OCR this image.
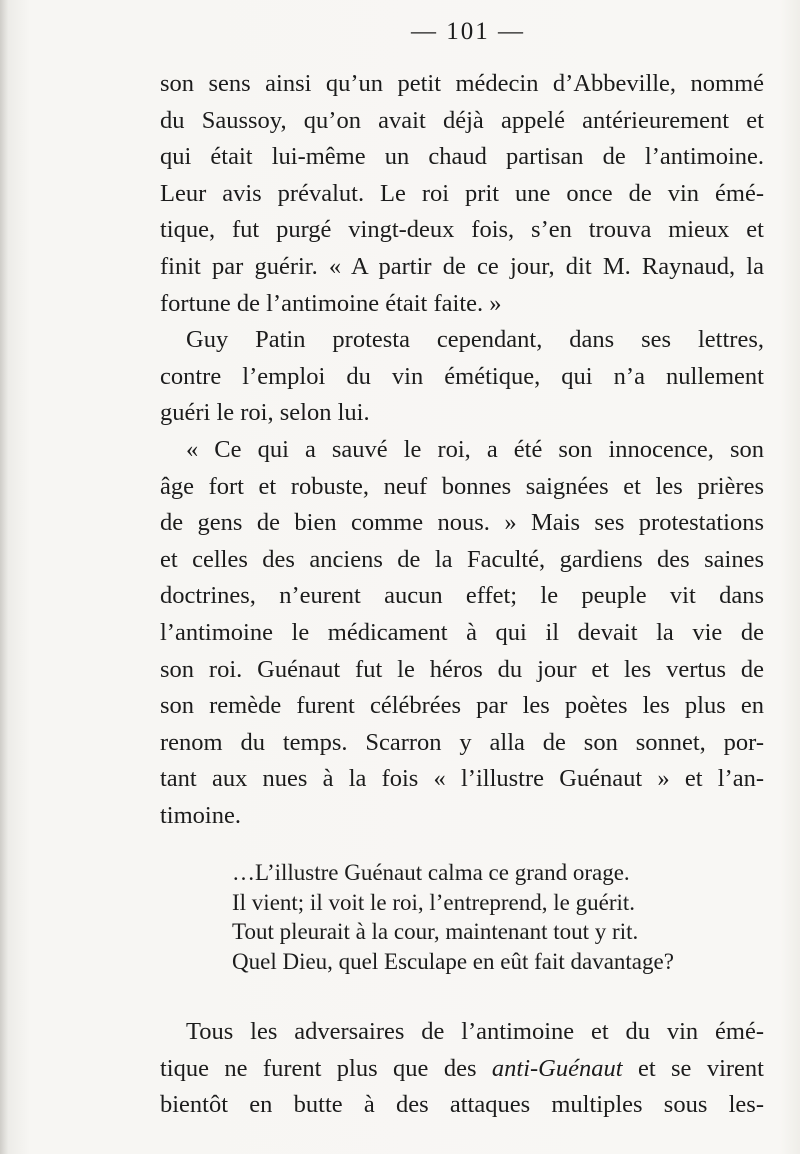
— 101 —
son sens ainsi qu’un petit médecin d’Abbeville, nommé
du Saussoy, qu’on avait déjà appelé antérieurement et
qui était lui-même un chaud partisan de l’antimoine.
Leur avis prévalut. Le roi prit une once de vin émé-
tique, fut purgé vingt-deux fois, s’en trouva mieux et
finit par guérir. « A partir de ce jour, dit M. Raynaud, la
fortune de l’antimoine était faite. »
Guy Patin protesta cependant, dans ses lettres,
contre l’emploi du vin émétique, qui n’a nullement
guéri le roi, selon lui.
« Ce qui a sauvé le roi, a été son innocence, son
âge fort et robuste, neuf bonnes saignées et les prières
de gens de bien comme nous. » Mais ses protestations
et celles des anciens de la Faculté, gardiens des saines
doctrines, n’eurent aucun effet; le peuple vit dans
l’antimoine le médicament à qui il devait la vie de
son roi. Guénaut fut le héros du jour et les vertus de
son remède furent célébrées par les poètes les plus en
renom du temps. Scarron y alla de son sonnet, por-
tant aux nues à la fois « l’illustre Guénaut » et l’an-
timoine.
…L’illustre Guénaut calma ce grand orage.
Il vient; il voit le roi, l’entreprend, le guérit.
Tout pleurait à la cour, maintenant tout y rit.
Quel Dieu, quel Esculape en eût fait davantage?
Tous les adversaires de l’antimoine et du vin émé-
tique ne furent plus que des anti-Guénaut et se virent
bientôt en butte à des attaques multiples sous les-
